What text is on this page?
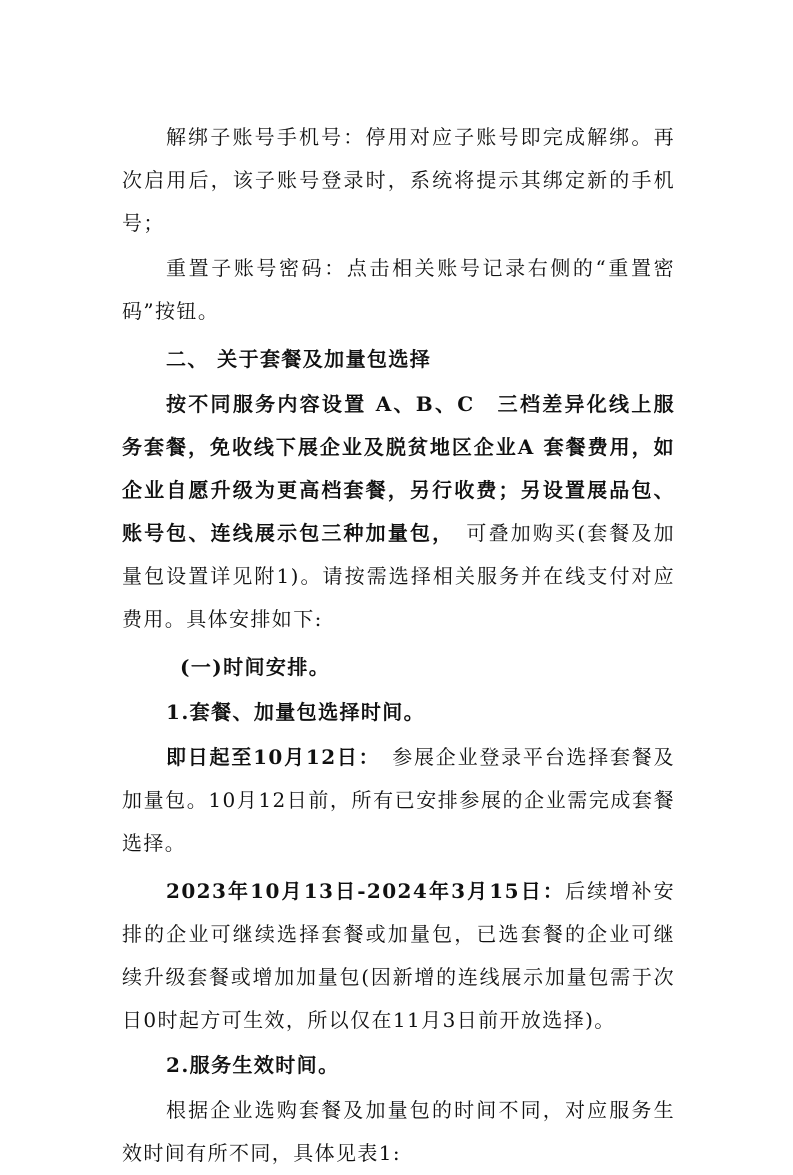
解绑子账号手机号：停用对应子账号即完成解绑。再次启用后，该子账号登录时，系统将提示其绑定新的手机号；

重置子账号密码：点击相关账号记录右侧的“重置密码”按钮。

二、 关于套餐及加量包选择

按不同服务内容设置 A、B、C　三档差异化线上服务套餐，免收线下展企业及脱贫地区企业A 套餐费用，如企业自愿升级为更高档套餐，另行收费；另设置展品包、账号包、连线展示包三种加量包，　可叠加购买(套餐及加量包设置详见附1)。请按需选择相关服务并在线支付对应费用。具体安排如下:

(一)时间安排。

1.套餐、加量包选择时间。

即日起至10月12日：　参展企业登录平台选择套餐及加量包。10月12日前，所有已安排参展的企业需完成套餐选择。

2023年10月13日-2024年3月15日：后续增补安排的企业可继续选择套餐或加量包，已选套餐的企业可继续升级套餐或增加加量包(因新增的连线展示加量包需于次日0时起方可生效，所以仅在11月3日前开放选择)。

2.服务生效时间。

根据企业选购套餐及加量包的时间不同，对应服务生效时间有所不同，具体见表1:
